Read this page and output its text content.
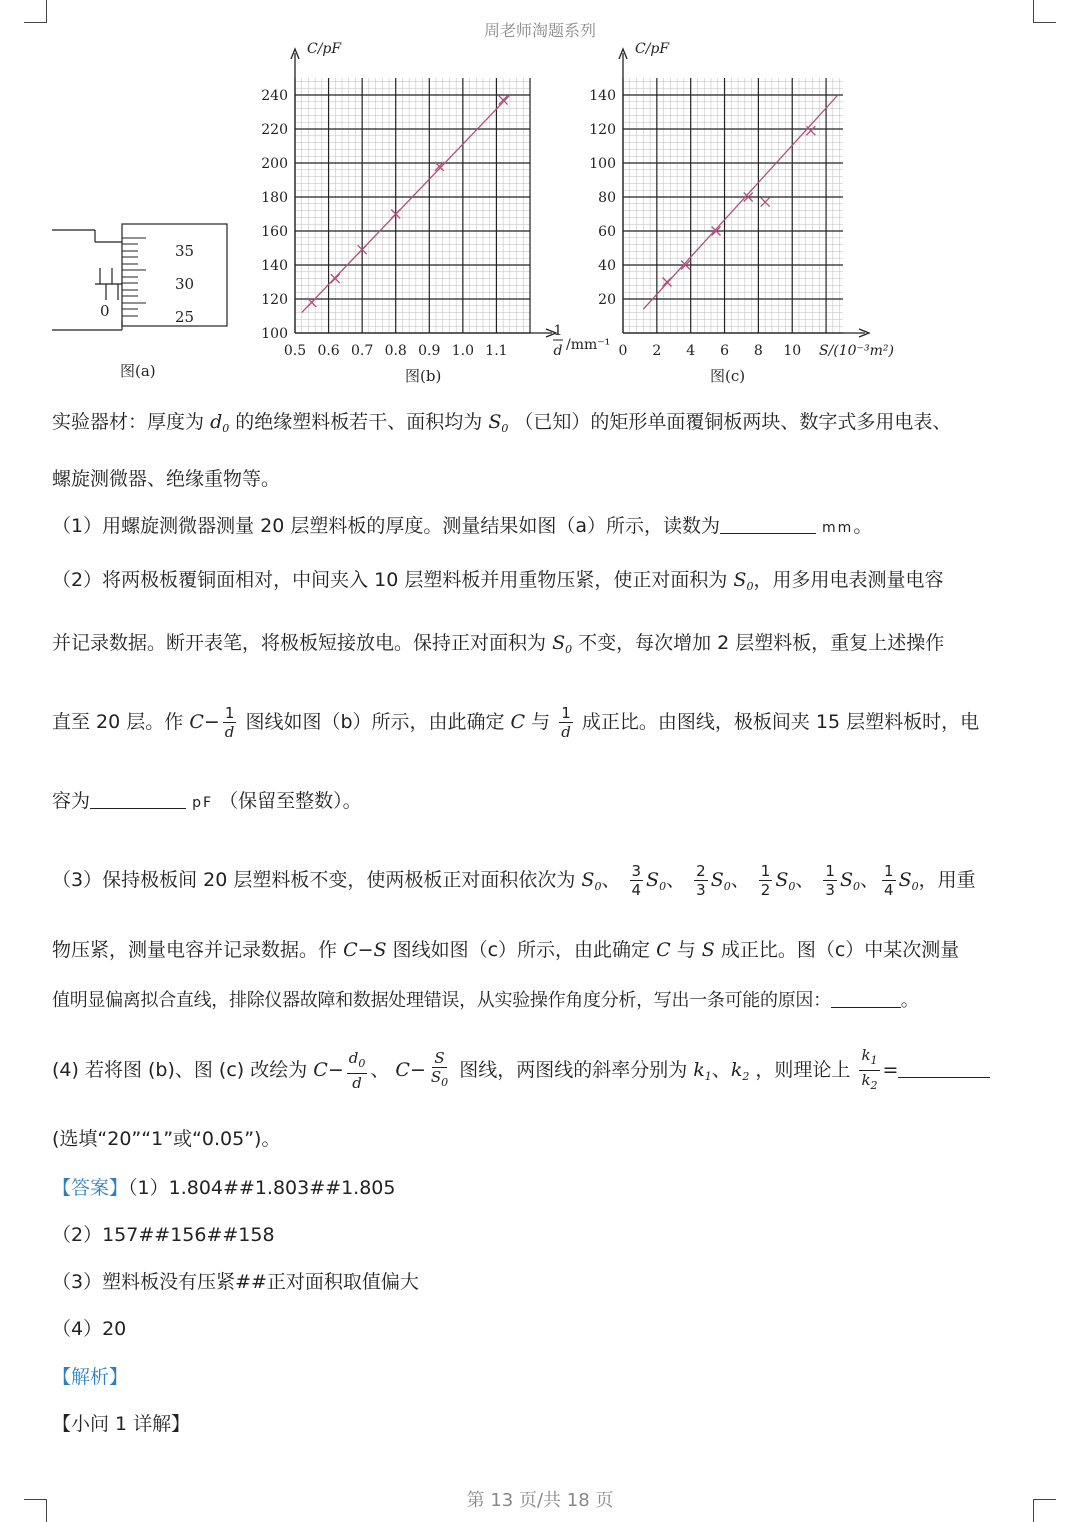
周老师淘题系列
0
35
30
25
图(a)
100
120
140
160
180
200
220
240
0.5 0.6 0.7 0.8 0.9 1.0 1.1
C/pF
1
d /mm⁻¹
图(b)
20
40
60
80
100
120
140
0 2 4 6 8 10
C/pF
S/(10⁻³m²)
图(c)
实验器材：厚度为 $d_0$ 的绝缘塑料板若干、面积均为 $S_0$ （已知）的矩形单面覆铜板两块、数字式多用电表、
螺旋测微器、绝缘重物等。
（1）用螺旋测微器测量 20 层塑料板的厚度。测量结果如图（a）所示，读数为	mm。
（2）将两极板覆铜面相对，中间夹入 10 层塑料板并用重物压紧，使正对面积为 $S_0$，用多用电表测量电容
并记录数据。断开表笔，将极板短接放电。保持正对面积为 $S_0$ 不变，每次增加 2 层塑料板，重复上述操作
直至 20 层。作 $C- \frac{1}{d}$ 图线如图（b）所示，由此确定 C 与 $\frac{1}{d}$ 成正比。由图线，极板间夹 15 层塑料板时，电
容为	pF （保留至整数）。
（3）保持极板间 20 层塑料板不变，使两极板正对面积依次为 $S_0$、 $\frac{3}{4} S_0$、 $\frac{2}{3} S_0$、 $\frac{1}{2} S_0$、 $\frac{1}{3} S_0$、 $\frac{1}{4} S_0$，用重
物压紧，测量电容并记录数据。作 C−S 图线如图（c）所示，由此确定 C 与 S 成正比。图（c）中某次测量
值明显偏离拟合直线，排除仪器故障和数据处理错误，从实验操作角度分析，写出一条可能的原因：	。
(4) 若将图 (b)、图 (c) 改绘为 $C- \frac{d_0}{d}$ 、 $C- \frac{S}{S_0}$ 图线，两图线的斜率分别为 $k_1$、$k_2$ ，则理论上 $\frac{k_1}{k_2}$ =
(选填“20”“1”或“0.05”)。
【答案】（1）1.804##1.803##1.805
（2）157##156##158
（3）塑料板没有压紧##正对面积取值偏大
（4）20
【解析】
【小问 1 详解】
第 13 页/共 18 页
